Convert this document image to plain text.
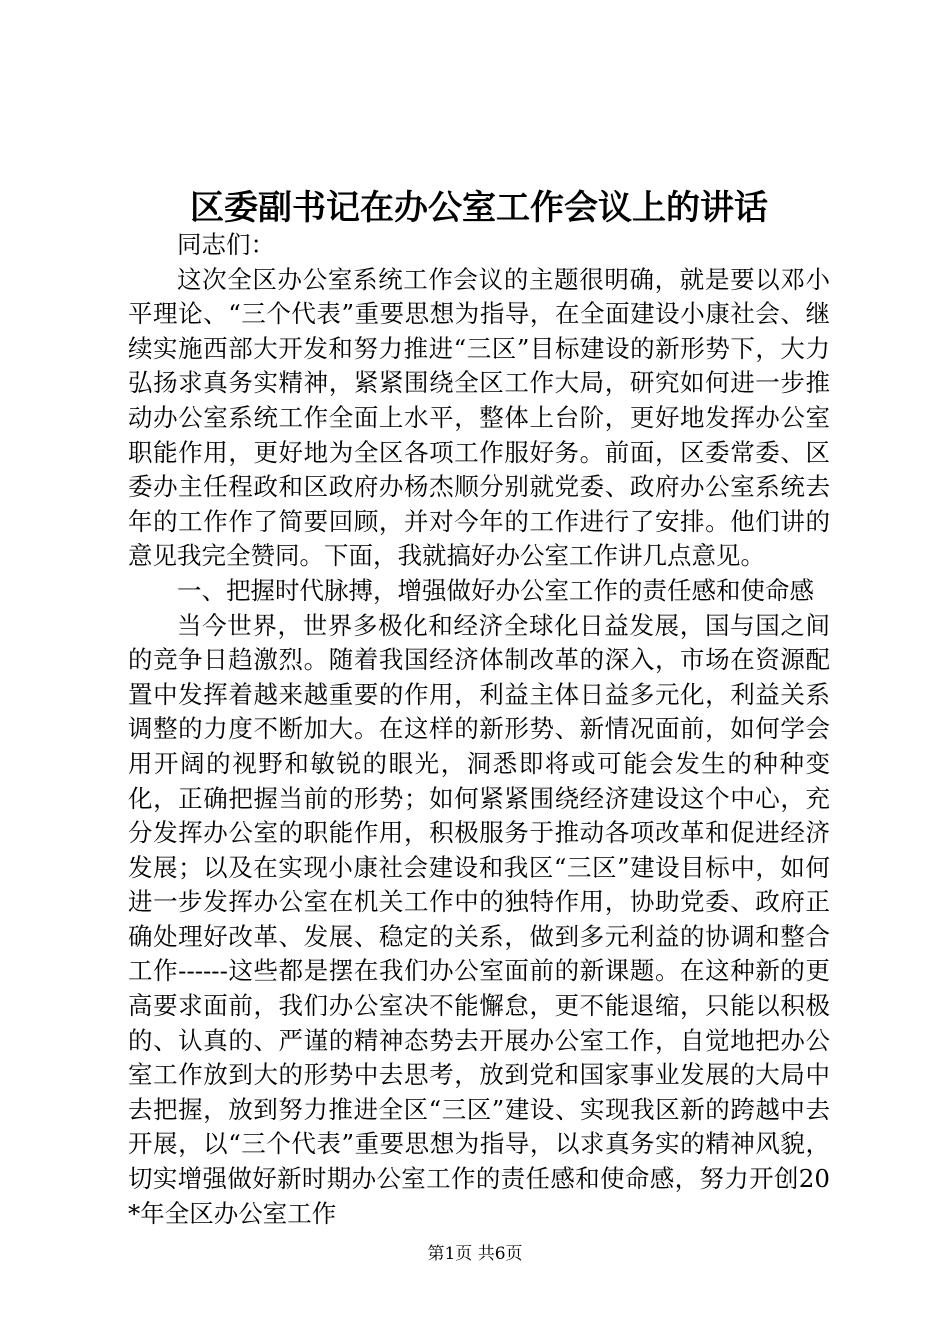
区委副书记在办公室工作会议上的讲话

同志们：

这次全区办公室系统工作会议的主题很明确，就是要以邓小平理论、“三个代表”重要思想为指导，在全面建设小康社会、继续实施西部大开发和努力推进“三区”目标建设的新形势下，大力弘扬求真务实精神，紧紧围绕全区工作大局，研究如何进一步推动办公室系统工作全面上水平，整体上台阶，更好地发挥办公室职能作用，更好地为全区各项工作服好务。前面，区委常委、区委办主任程政和区政府办杨杰顺分别就党委、政府办公室系统去年的工作作了简要回顾，并对今年的工作进行了安排。他们讲的意见我完全赞同。下面，我就搞好办公室工作讲几点意见。

一、把握时代脉搏，增强做好办公室工作的责任感和使命感

当今世界，世界多极化和经济全球化日益发展，国与国之间的竞争日趋激烈。随着我国经济体制改革的深入，市场在资源配置中发挥着越来越重要的作用，利益主体日益多元化，利益关系调整的力度不断加大。在这样的新形势、新情况面前，如何学会用开阔的视野和敏锐的眼光，洞悉即将或可能会发生的种种变化，正确把握当前的形势；如何紧紧围绕经济建设这个中心，充分发挥办公室的职能作用，积极服务于推动各项改革和促进经济发展；以及在实现小康社会建设和我区“三区”建设目标中，如何进一步发挥办公室在机关工作中的独特作用，协助党委、政府正确处理好改革、发展、稳定的关系，做到多元利益的协调和整合工作------这些都是摆在我们办公室面前的新课题。在这种新的更高要求面前，我们办公室决不能懈怠，更不能退缩，只能以积极的、认真的、严谨的精神态势去开展办公室工作，自觉地把办公室工作放到大的形势中去思考，放到党和国家事业发展的大局中去把握，放到努力推进全区“三区”建设、实现我区新的跨越中去开展，以“三个代表”重要思想为指导，以求真务实的精神风貌，切实增强做好新时期办公室工作的责任感和使命感，努力开创20*年全区办公室工作

第1页 共6页
